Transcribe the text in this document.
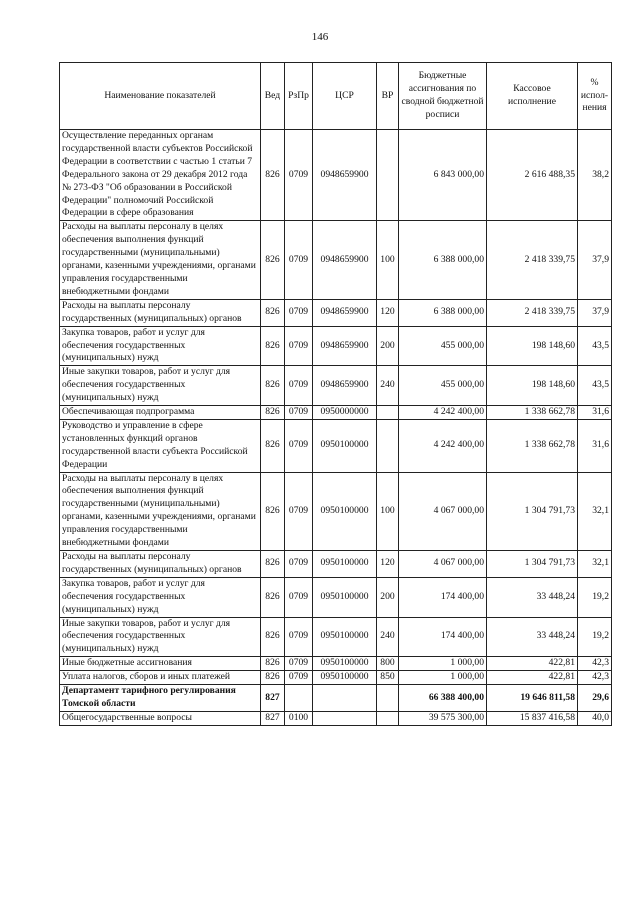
146
Наименование показателей	Вед	РзПр	ЦСР	ВР	Бюджетные ассигнования по сводной бюджетной росписи	Кассовое исполнение	% испол-нения
Осуществление переданных органам государственной власти субъектов Российской Федерации в соответствии с частью 1 статьи 7 Федерального закона от 29 декабря 2012 года № 273-ФЗ "Об образовании в Российской Федерации" полномочий Российской Федерации в сфере образования	826	0709	0948659900		6 843 000,00	2 616 488,35	38,2
Расходы на выплаты персоналу в целях обеспечения выполнения функций государственными (муниципальными) органами, казенными учреждениями, органами управления государственными внебюджетными фондами	826	0709	0948659900	100	6 388 000,00	2 418 339,75	37,9
Расходы на выплаты персоналу государственных (муниципальных) органов	826	0709	0948659900	120	6 388 000,00	2 418 339,75	37,9
Закупка товаров, работ и услуг для обеспечения государственных (муниципальных) нужд	826	0709	0948659900	200	455 000,00	198 148,60	43,5
Иные закупки товаров, работ и услуг для обеспечения государственных (муниципальных) нужд	826	0709	0948659900	240	455 000,00	198 148,60	43,5
Обеспечивающая подпрограмма	826	0709	0950000000		4 242 400,00	1 338 662,78	31,6
Руководство и управление в сфере установленных функций органов государственной власти субъекта Российской Федерации	826	0709	0950100000		4 242 400,00	1 338 662,78	31,6
Расходы на выплаты персоналу в целях обеспечения выполнения функций государственными (муниципальными) органами, казенными учреждениями, органами управления государственными внебюджетными фондами	826	0709	0950100000	100	4 067 000,00	1 304 791,73	32,1
Расходы на выплаты персоналу государственных (муниципальных) органов	826	0709	0950100000	120	4 067 000,00	1 304 791,73	32,1
Закупка товаров, работ и услуг для обеспечения государственных (муниципальных) нужд	826	0709	0950100000	200	174 400,00	33 448,24	19,2
Иные закупки товаров, работ и услуг для обеспечения государственных (муниципальных) нужд	826	0709	0950100000	240	174 400,00	33 448,24	19,2
Иные бюджетные ассигнования	826	0709	0950100000	800	1 000,00	422,81	42,3
Уплата налогов, сборов и иных платежей	826	0709	0950100000	850	1 000,00	422,81	42,3
Департамент тарифного регулирования Томской области	827				66 388 400,00	19 646 811,58	29,6
Общегосударственные вопросы	827	0100			39 575 300,00	15 837 416,58	40,0
